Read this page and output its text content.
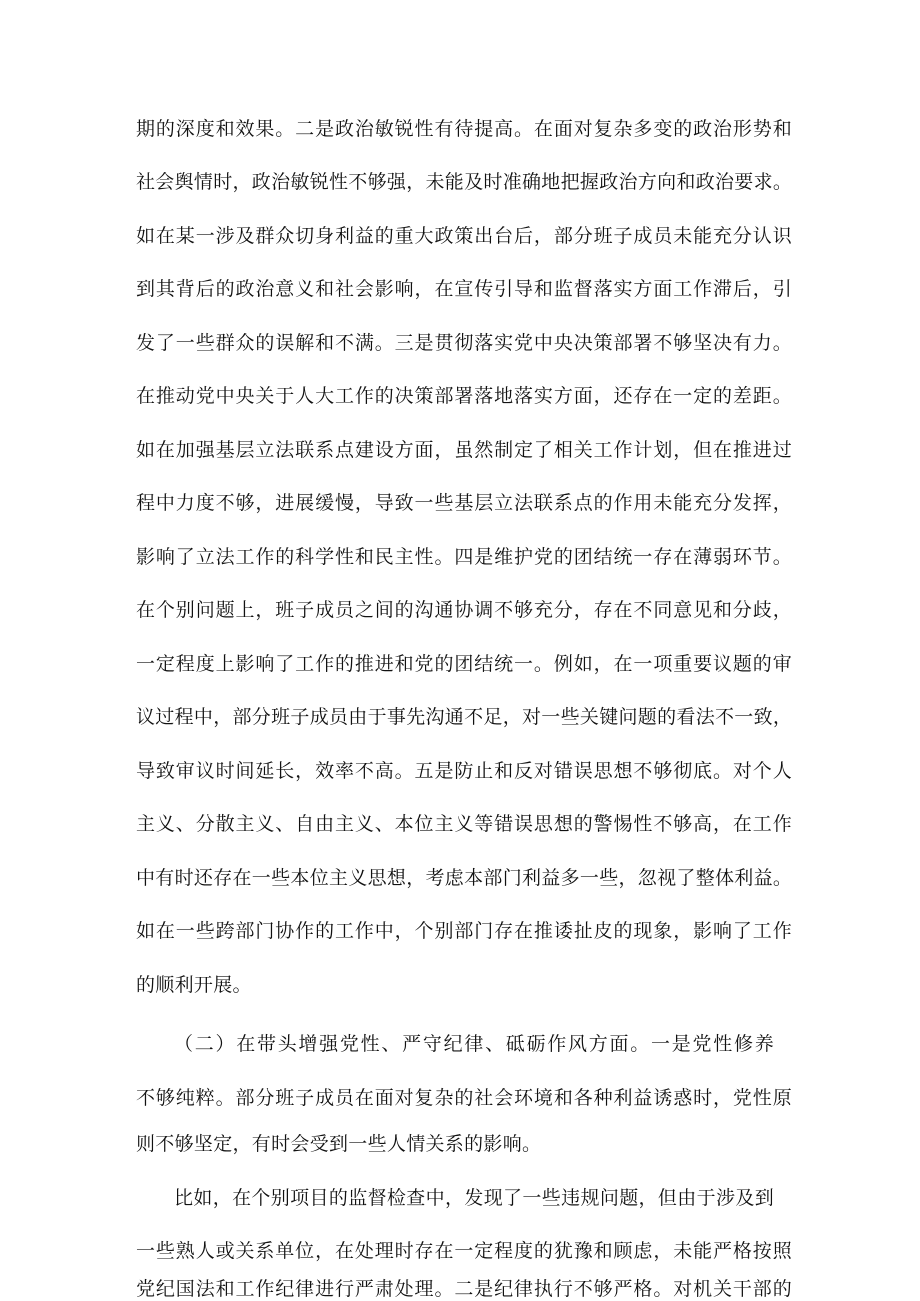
期的深度和效果。二是政治敏锐性有待提高。在面对复杂多变的政治形势和
社会舆情时，政治敏锐性不够强，未能及时准确地把握政治方向和政治要求。
如在某一涉及群众切身利益的重大政策出台后，部分班子成员未能充分认识
到其背后的政治意义和社会影响，在宣传引导和监督落实方面工作滞后，引
发了一些群众的误解和不满。三是贯彻落实党中央决策部署不够坚决有力。
在推动党中央关于人大工作的决策部署落地落实方面，还存在一定的差距。
如在加强基层立法联系点建设方面，虽然制定了相关工作计划，但在推进过
程中力度不够，进展缓慢，导致一些基层立法联系点的作用未能充分发挥，
影响了立法工作的科学性和民主性。四是维护党的团结统一存在薄弱环节。
在个别问题上，班子成员之间的沟通协调不够充分，存在不同意见和分歧，
一定程度上影响了工作的推进和党的团结统一。例如，在一项重要议题的审
议过程中，部分班子成员由于事先沟通不足，对一些关键问题的看法不一致，
导致审议时间延长，效率不高。五是防止和反对错误思想不够彻底。对个人
主义、分散主义、自由主义、本位主义等错误思想的警惕性不够高，在工作
中有时还存在一些本位主义思想，考虑本部门利益多一些，忽视了整体利益。
如在一些跨部门协作的工作中，个别部门存在推诿扯皮的现象，影响了工作
的顺利开展。
（二）在带头增强党性、严守纪律、砥砺作风方面。一是党性修养
不够纯粹。部分班子成员在面对复杂的社会环境和各种利益诱惑时，党性原
则不够坚定，有时会受到一些人情关系的影响。
比如，在个别项目的监督检查中，发现了一些违规问题，但由于涉及到
一些熟人或关系单位，在处理时存在一定程度的犹豫和顾虑，未能严格按照
党纪国法和工作纪律进行严肃处理。二是纪律执行不够严格。对机关干部的
